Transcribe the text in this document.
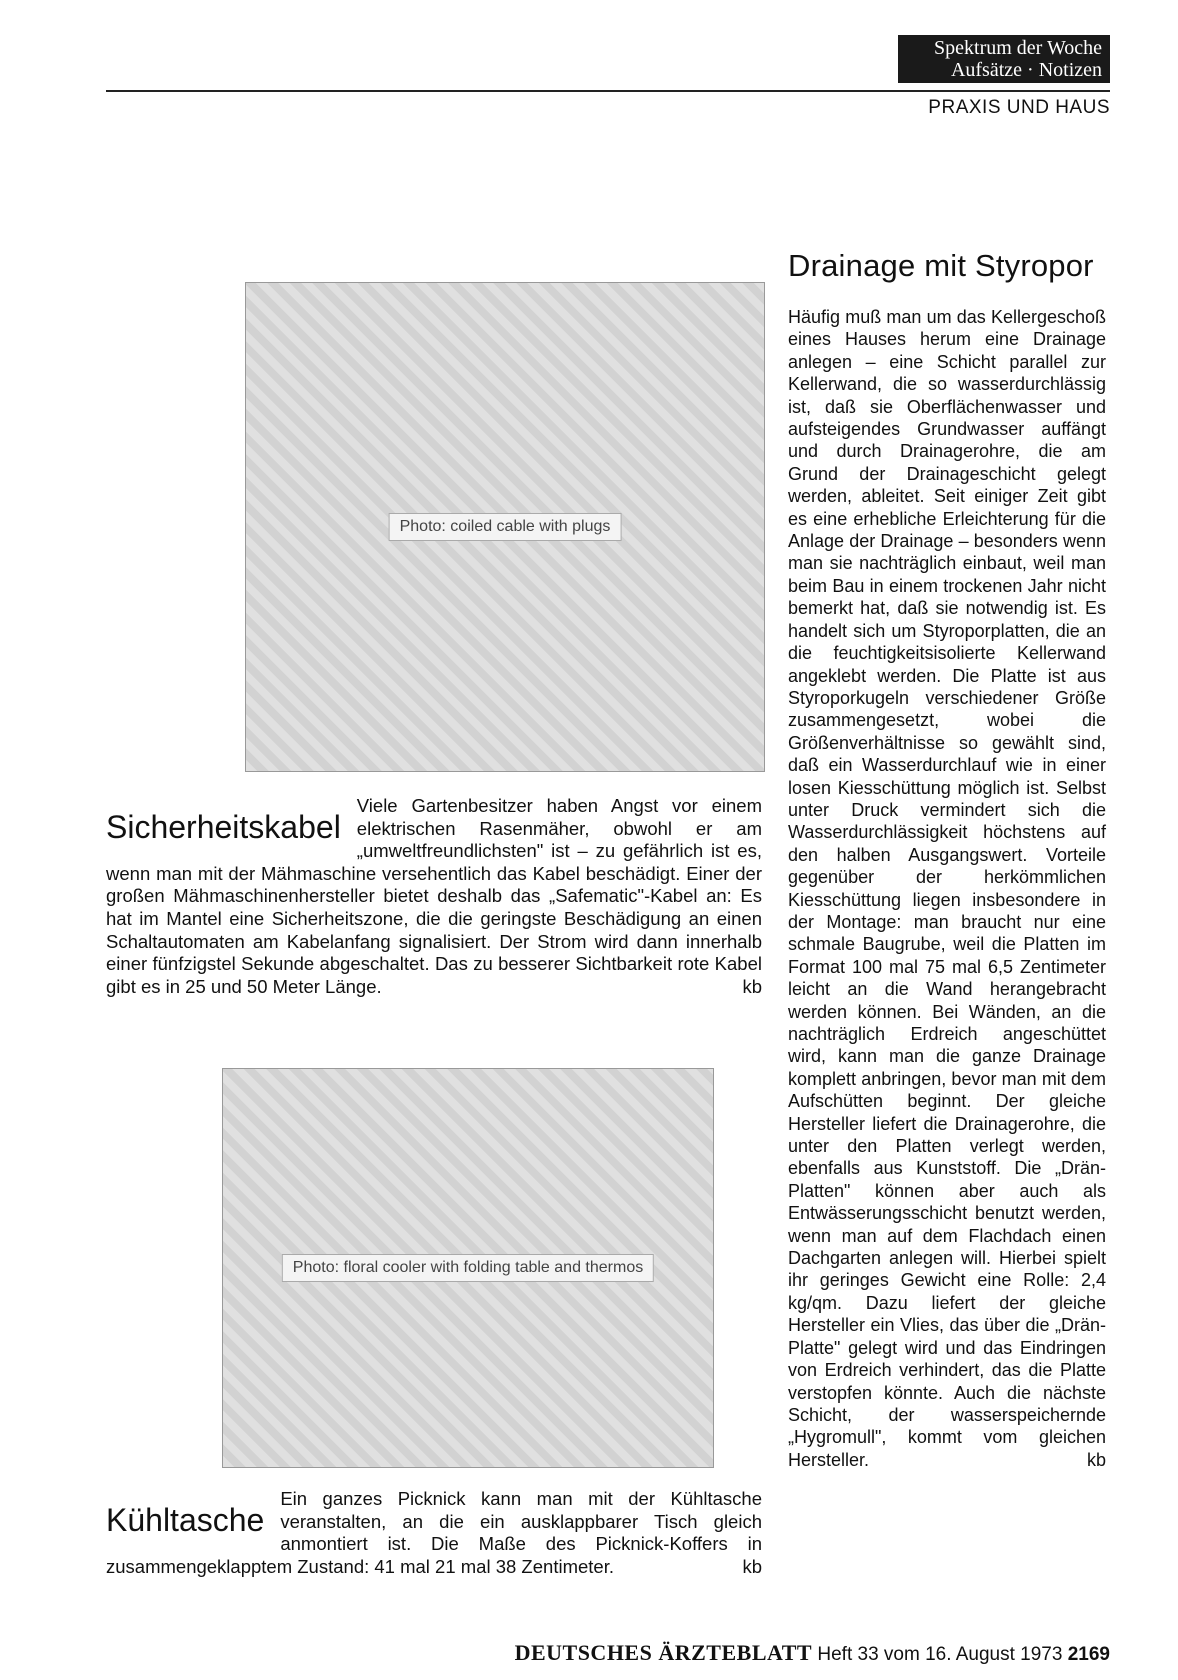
Spektrum der Woche
Aufsätze · Notizen
PRAXIS UND HAUS
Photo: coiled cable with plugs
Sicherheitskabel
Viele Gartenbesitzer haben Angst vor einem elektrischen Rasenmäher, obwohl er am „umweltfreundlichsten" ist – zu gefährlich ist es, wenn man mit der Mähmaschine versehentlich das Kabel beschädigt. Einer der großen Mähmaschinenhersteller bietet deshalb das „Safematic"-Kabel an: Es hat im Mantel eine Sicherheitszone, die die geringste Beschädigung an einen Schaltautomaten am Kabelanfang signalisiert. Der Strom wird dann innerhalb einer fünfzigstel Sekunde abgeschaltet. Das zu besserer Sichtbarkeit rote Kabel gibt es in 25 und 50 Meter Länge.	kb
Photo: floral cooler with folding table and thermos
Kühltasche
Ein ganzes Picknick kann man mit der Kühltasche veranstalten, an die ein ausklappbarer Tisch gleich anmontiert ist. Die Maße des Picknick-Koffers in zusammengeklapptem Zustand: 41 mal 21 mal 38 Zentimeter.	kb
Drainage mit Styropor
Häufig muß man um das Kellergeschoß eines Hauses herum eine Drainage anlegen – eine Schicht parallel zur Kellerwand, die so wasserdurchlässig ist, daß sie Oberflächenwasser und aufsteigendes Grundwasser auffängt und durch Drainagerohre, die am Grund der Drainageschicht gelegt werden, ableitet. Seit einiger Zeit gibt es eine erhebliche Erleichterung für die Anlage der Drainage – besonders wenn man sie nachträglich einbaut, weil man beim Bau in einem trockenen Jahr nicht bemerkt hat, daß sie notwendig ist. Es handelt sich um Styroporplatten, die an die feuchtigkeitsisolierte Kellerwand angeklebt werden. Die Platte ist aus Styroporkugeln verschiedener Größe zusammengesetzt, wobei die Größenverhältnisse so gewählt sind, daß ein Wasserdurchlauf wie in einer losen Kiesschüttung möglich ist. Selbst unter Druck vermindert sich die Wasserdurchlässigkeit höchstens auf den halben Ausgangswert. Vorteile gegenüber der herkömmlichen Kiesschüttung liegen insbesondere in der Montage: man braucht nur eine schmale Baugrube, weil die Platten im Format 100 mal 75 mal 6,5 Zentimeter leicht an die Wand herangebracht werden können. Bei Wänden, an die nachträglich Erdreich angeschüttet wird, kann man die ganze Drainage komplett anbringen, bevor man mit dem Aufschütten beginnt. Der gleiche Hersteller liefert die Drainagerohre, die unter den Platten verlegt werden, ebenfalls aus Kunststoff. Die „Drän-Platten" können aber auch als Entwässerungsschicht benutzt werden, wenn man auf dem Flachdach einen Dachgarten anlegen will. Hierbei spielt ihr geringes Gewicht eine Rolle: 2,4 kg/qm. Dazu liefert der gleiche Hersteller ein Vlies, das über die „Drän-Platte" gelegt wird und das Eindringen von Erdreich verhindert, das die Platte verstopfen könnte. Auch die nächste Schicht, der wasserspeichernde „Hygromull", kommt vom gleichen Hersteller.	kb
DEUTSCHES ÄRZTEBLATT Heft 33 vom 16. August 1973 2169
